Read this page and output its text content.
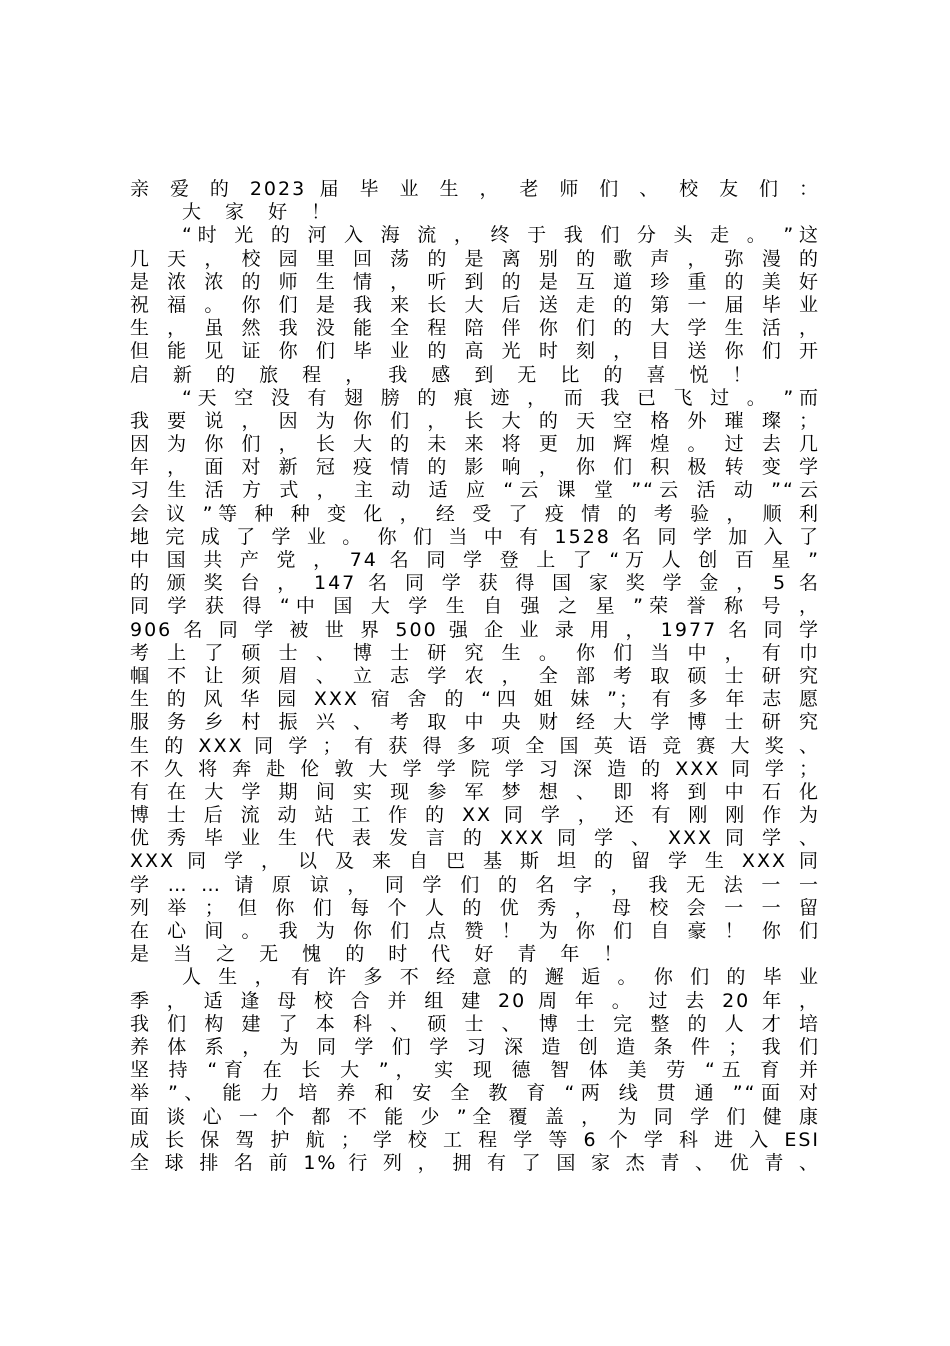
亲 爱 的 2023 届 毕 业 生 ， 老 师 们 、 校 友 们 ：
大 家 好 ！
“时 光 的 河 入 海 流 ， 终 于 我 们 分 头 走 。 ”这
几 天 ， 校 园 里 回 荡 的 是 离 别 的 歌 声 ， 弥 漫 的
是 浓 浓 的 师 生 情 ， 听 到 的 是 互 道 珍 重 的 美 好
祝 福 。 你 们 是 我 来 长 大 后 送 走 的 第 一 届 毕 业
生 ， 虽 然 我 没 能 全 程 陪 伴 你 们 的 大 学 生 活 ，
但 能 见 证 你 们 毕 业 的 高 光 时 刻 ， 目 送 你 们 开
启 新 的 旅 程 ， 我 感 到 无 比 的 喜 悦 ！
“天 空 没 有 翅 膀 的 痕 迹 ， 而 我 已 飞 过 。 ”而
我 要 说 ， 因 为 你 们 ， 长 大 的 天 空 格 外 璀 璨 ；
因 为 你 们 ， 长 大 的 未 来 将 更 加 辉 煌 。 过 去 几
年 ， 面 对 新 冠 疫 情 的 影 响 ， 你 们 积 极 转 变 学
习 生 活 方 式 ， 主 动 适 应 “云 课 堂 ”“云 活 动 ”“云
会 议 ”等 种 种 变 化 ， 经 受 了 疫 情 的 考 验 ， 顺 利
地 完 成 了 学 业 。 你 们 当 中 有 1528 名 同 学 加 入 了
中 国 共 产 党 ， 74 名 同 学 登 上 了 “万 人 创 百 星 ”
的 颁 奖 台 ， 147 名 同 学 获 得 国 家 奖 学 金 ， 5 名
同 学 获 得 “中 国 大 学 生 自 强 之 星 ”荣 誉 称 号 ，
906 名 同 学 被 世 界 500 强 企 业 录 用 ， 1977 名 同 学
考 上 了 硕 士 、 博 士 研 究 生 。 你 们 当 中 ， 有 巾
帼 不 让 须 眉 、 立 志 学 农 ， 全 部 考 取 硕 士 研 究
生 的 风 华 园 XXX 宿 舍 的 “四 姐 妹 ”； 有 多 年 志 愿
服 务 乡 村 振 兴 、 考 取 中 央 财 经 大 学 博 士 研 究
生 的 XXX 同 学 ； 有 获 得 多 项 全 国 英 语 竞 赛 大 奖 、
不 久 将 奔 赴 伦 敦 大 学 学 院 学 习 深 造 的 XXX 同 学 ；
有 在 大 学 期 间 实 现 参 军 梦 想 、 即 将 到 中 石 化
博 士 后 流 动 站 工 作 的 XX 同 学 ， 还 有 刚 刚 作 为
优 秀 毕 业 生 代 表 发 言 的 XXX 同 学 、 XXX 同 学 、
XXX 同 学 ， 以 及 来 自 巴 基 斯 坦 的 留 学 生 XXX 同
学 … … 请 原 谅 ， 同 学 们 的 名 字 ， 我 无 法 一 一
列 举 ； 但 你 们 每 个 人 的 优 秀 ， 母 校 会 一 一 留
在 心 间 。 我 为 你 们 点 赞 ！ 为 你 们 自 豪 ！ 你 们
是 当 之 无 愧 的 时 代 好 青 年 ！
人 生 ， 有 许 多 不 经 意 的 邂 逅 。 你 们 的 毕 业
季 ， 适 逢 母 校 合 并 组 建 20 周 年 。 过 去 20 年 ，
我 们 构 建 了 本 科 、 硕 士 、 博 士 完 整 的 人 才 培
养 体 系 ， 为 同 学 们 学 习 深 造 创 造 条 件 ； 我 们
坚 持 “育 在 长 大 ”， 实 现 德 智 体 美 劳 “五 育 并
举 ”、 能 力 培 养 和 安 全 教 育 “两 线 贯 通 ”“面 对
面 谈 心 一 个 都 不 能 少 ”全 覆 盖 ， 为 同 学 们 健 康
成 长 保 驾 护 航 ； 学 校 工 程 学 等 6 个 学 科 进 入 ESI
全 球 排 名 前 1% 行 列 ， 拥 有 了 国 家 杰 青 、 优 青 、
